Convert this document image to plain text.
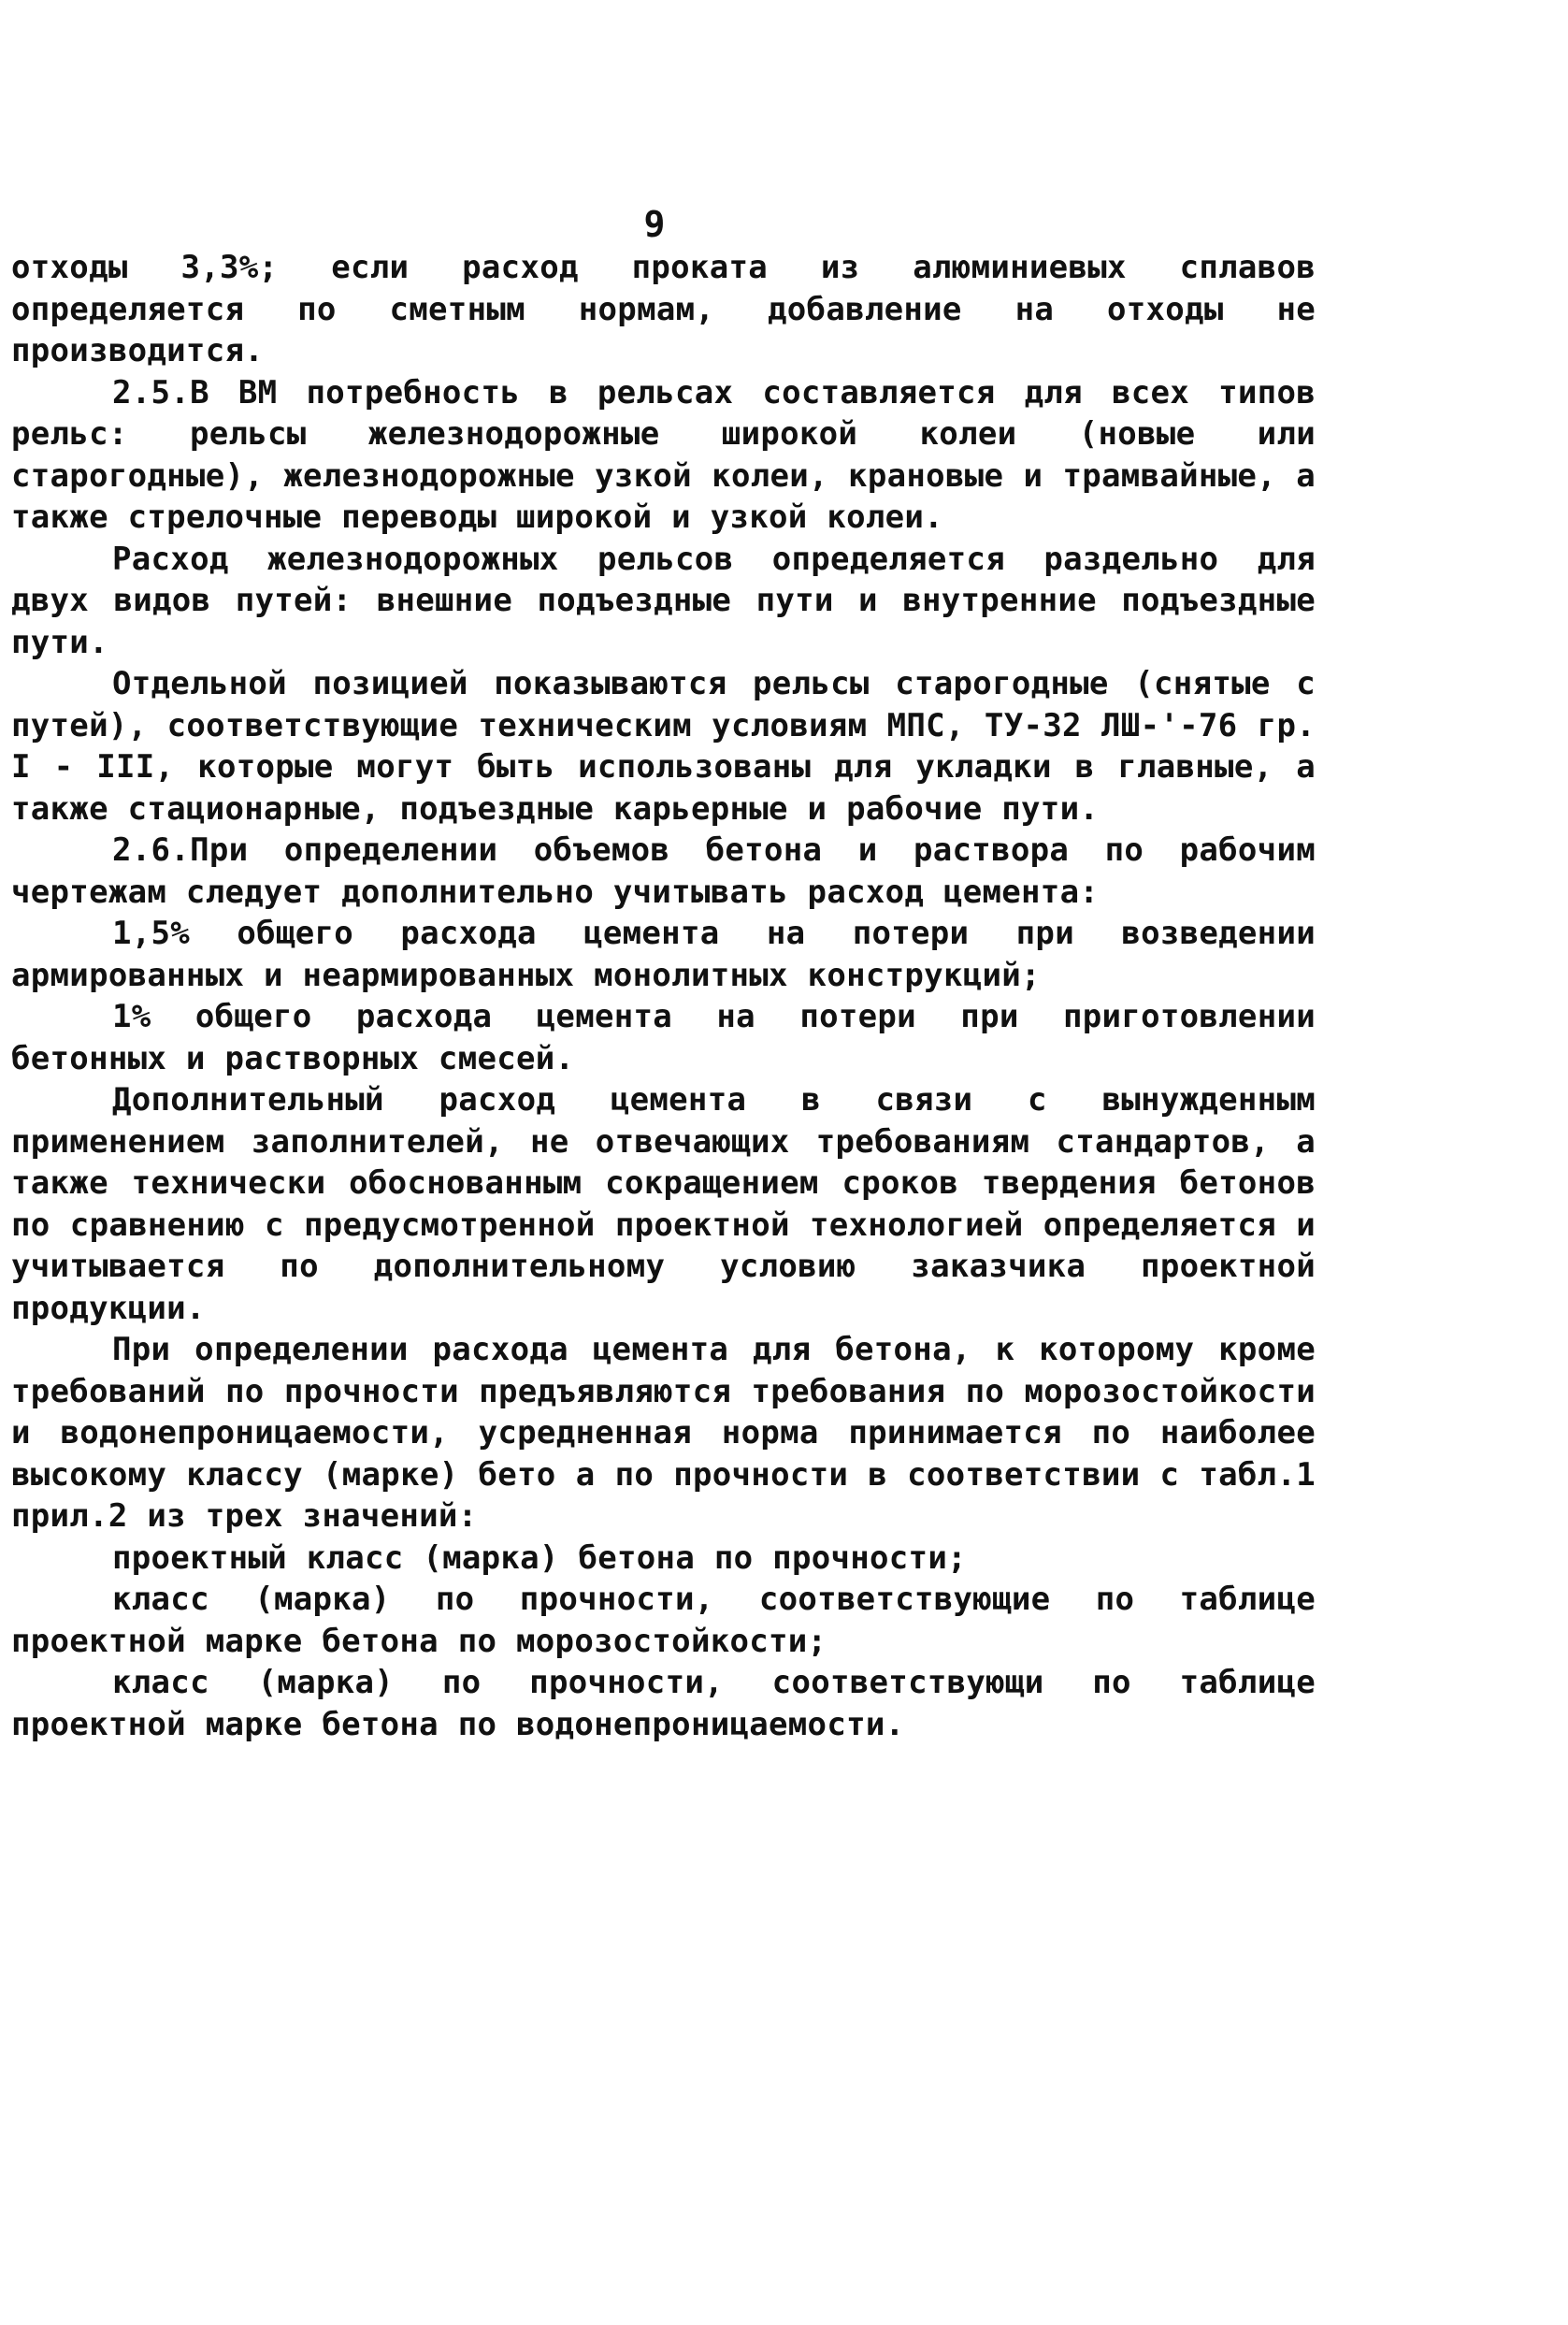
9

отходы 3,3%; если расход проката из алюминиевых сплавов определяется по сметным нормам, добавление на отходы не производится.

2.5.В ВМ потребность в рельсах составляется для всех типов рельс: рельсы железнодорожные широкой колеи (новые или старогодные), железнодорожные узкой колеи, крановые и трамвайные, а также стрелочные переводы широкой и узкой колеи.

Расход железнодорожных рельсов определяется раздельно для двух видов путей: внешние подъездные пути и внутренние подъездные пути.

Отдельной позицией показываются рельсы старогодные (снятые с путей), соответствующие техническим условиям МПС, ТУ-32 ЛШ-'-76 гр. I - III, которые могут быть использованы для укладки в главные, а также стационарные, подъездные карьерные и рабочие пути.

2.6.При определении объемов бетона и раствора по рабочим чертежам следует дополнительно учитывать расход цемента:

1,5% общего расхода цемента на потери при возведении армированных и неармированных монолитных конструкций;

1% общего расхода цемента на потери при приготовлении бетонных и растворных смесей.

Дополнительный расход цемента в связи с вынужденным применением заполнителей, не отвечающих требованиям стандартов, а также технически обоснованным сокращением сроков твердения бетонов по сравнению с предусмотренной проектной технологией определяется и учитывается по дополнительному условию заказчика проектной продукции.

При определении расхода цемента для бетона, к которому кроме требований по прочности предъявляются требования по морозостойкости и водонепроницаемости, усредненная норма принимается по наиболее высокому классу (марке) бето а по прочности в соответствии с табл.1 прил.2 из трех значений:

проектный класс (марка) бетона по прочности;

класс (марка) по прочности, соответствующие по таблице проектной марке бетона по морозостойкости;

класс (марка) по прочности, соответствующи по таблице проектной марке бетона по водонепроницаемости.
